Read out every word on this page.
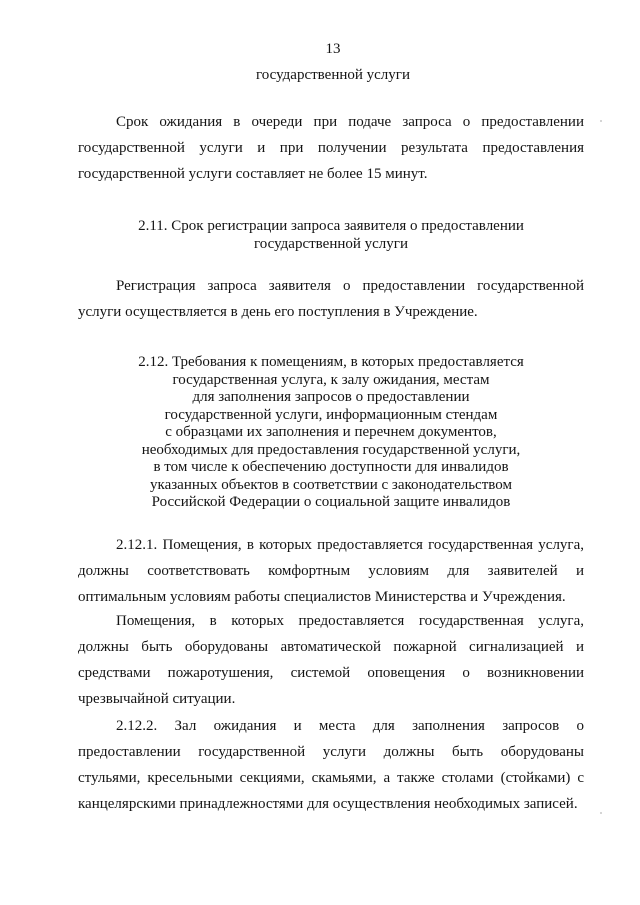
13
государственной услуги
Срок ожидания в очереди при подаче запроса о предоставлении
государственной услуги и при получении результата предоставления
государственной услуги составляет не более 15 минут.
2.11. Срок регистрации запроса заявителя о предоставлении
государственной услуги
Регистрация запроса заявителя о предоставлении государственной
услуги осуществляется в день его поступления в Учреждение.
2.12. Требования к помещениям, в которых предоставляется
государственная услуга, к залу ожидания, местам
для заполнения запросов о предоставлении
государственной услуги, информационным стендам
с образцами их заполнения и перечнем документов,
необходимых для предоставления государственной услуги,
в том числе к обеспечению доступности для инвалидов
указанных объектов в соответствии с законодательством
Российской Федерации о социальной защите инвалидов
2.12.1. Помещения, в которых предоставляется государственная услуга,
должны соответствовать комфортным условиям для заявителей и
оптимальным условиям работы специалистов Министерства и Учреждения.
Помещения, в которых предоставляется государственная услуга,
должны быть оборудованы автоматической пожарной сигнализацией и
средствами пожаротушения, системой оповещения о возникновении
чрезвычайной ситуации.
2.12.2. Зал ожидания и места для заполнения запросов о
предоставлении государственной услуги должны быть оборудованы
стульями, кресельными секциями, скамьями, а также столами (стойками) с
канцелярскими принадлежностями для осуществления необходимых записей.
